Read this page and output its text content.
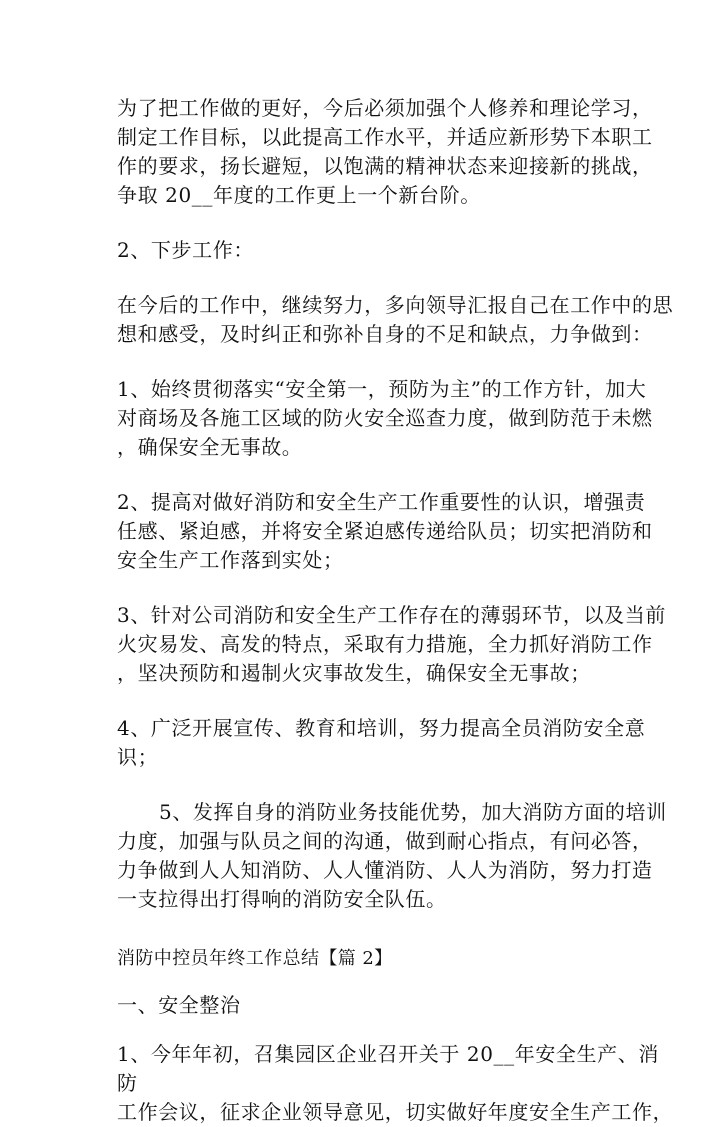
为了把工作做的更好，今后必须加强个人修养和理论学习，
制定工作目标，以此提高工作水平，并适应新形势下本职工
作的要求，扬长避短，以饱满的精神状态来迎接新的挑战，
争取 20__年度的工作更上一个新台阶。

2、下步工作：

在今后的工作中，继续努力，多向领导汇报自己在工作中的思
想和感受，及时纠正和弥补自身的不足和缺点，力争做到：

1、始终贯彻落实“安全第一，预防为主”的工作方针，加大
对商场及各施工区域的防火安全巡查力度，做到防范于未燃
，确保安全无事故。

2、提高对做好消防和安全生产工作重要性的认识，增强责
任感、紧迫感，并将安全紧迫感传递给队员；切实把消防和
安全生产工作落到实处；

3、针对公司消防和安全生产工作存在的薄弱环节，以及当前
火灾易发、高发的特点，采取有力措施，全力抓好消防工作
，坚决预防和遏制火灾事故发生，确保安全无事故；

4、广泛开展宣传、教育和培训，努力提高全员消防安全意识；

5、发挥自身的消防业务技能优势，加大消防方面的培训
力度，加强与队员之间的沟通，做到耐心指点，有问必答，
力争做到人人知消防、人人懂消防、人人为消防，努力打造
一支拉得出打得响的消防安全队伍。

消防中控员年终工作总结【篇 2】

一、安全整治

1、今年年初，召集园区企业召开关于 20__年安全生产、消防
工作会议，征求企业领导意见，切实做好年度安全生产工作，
